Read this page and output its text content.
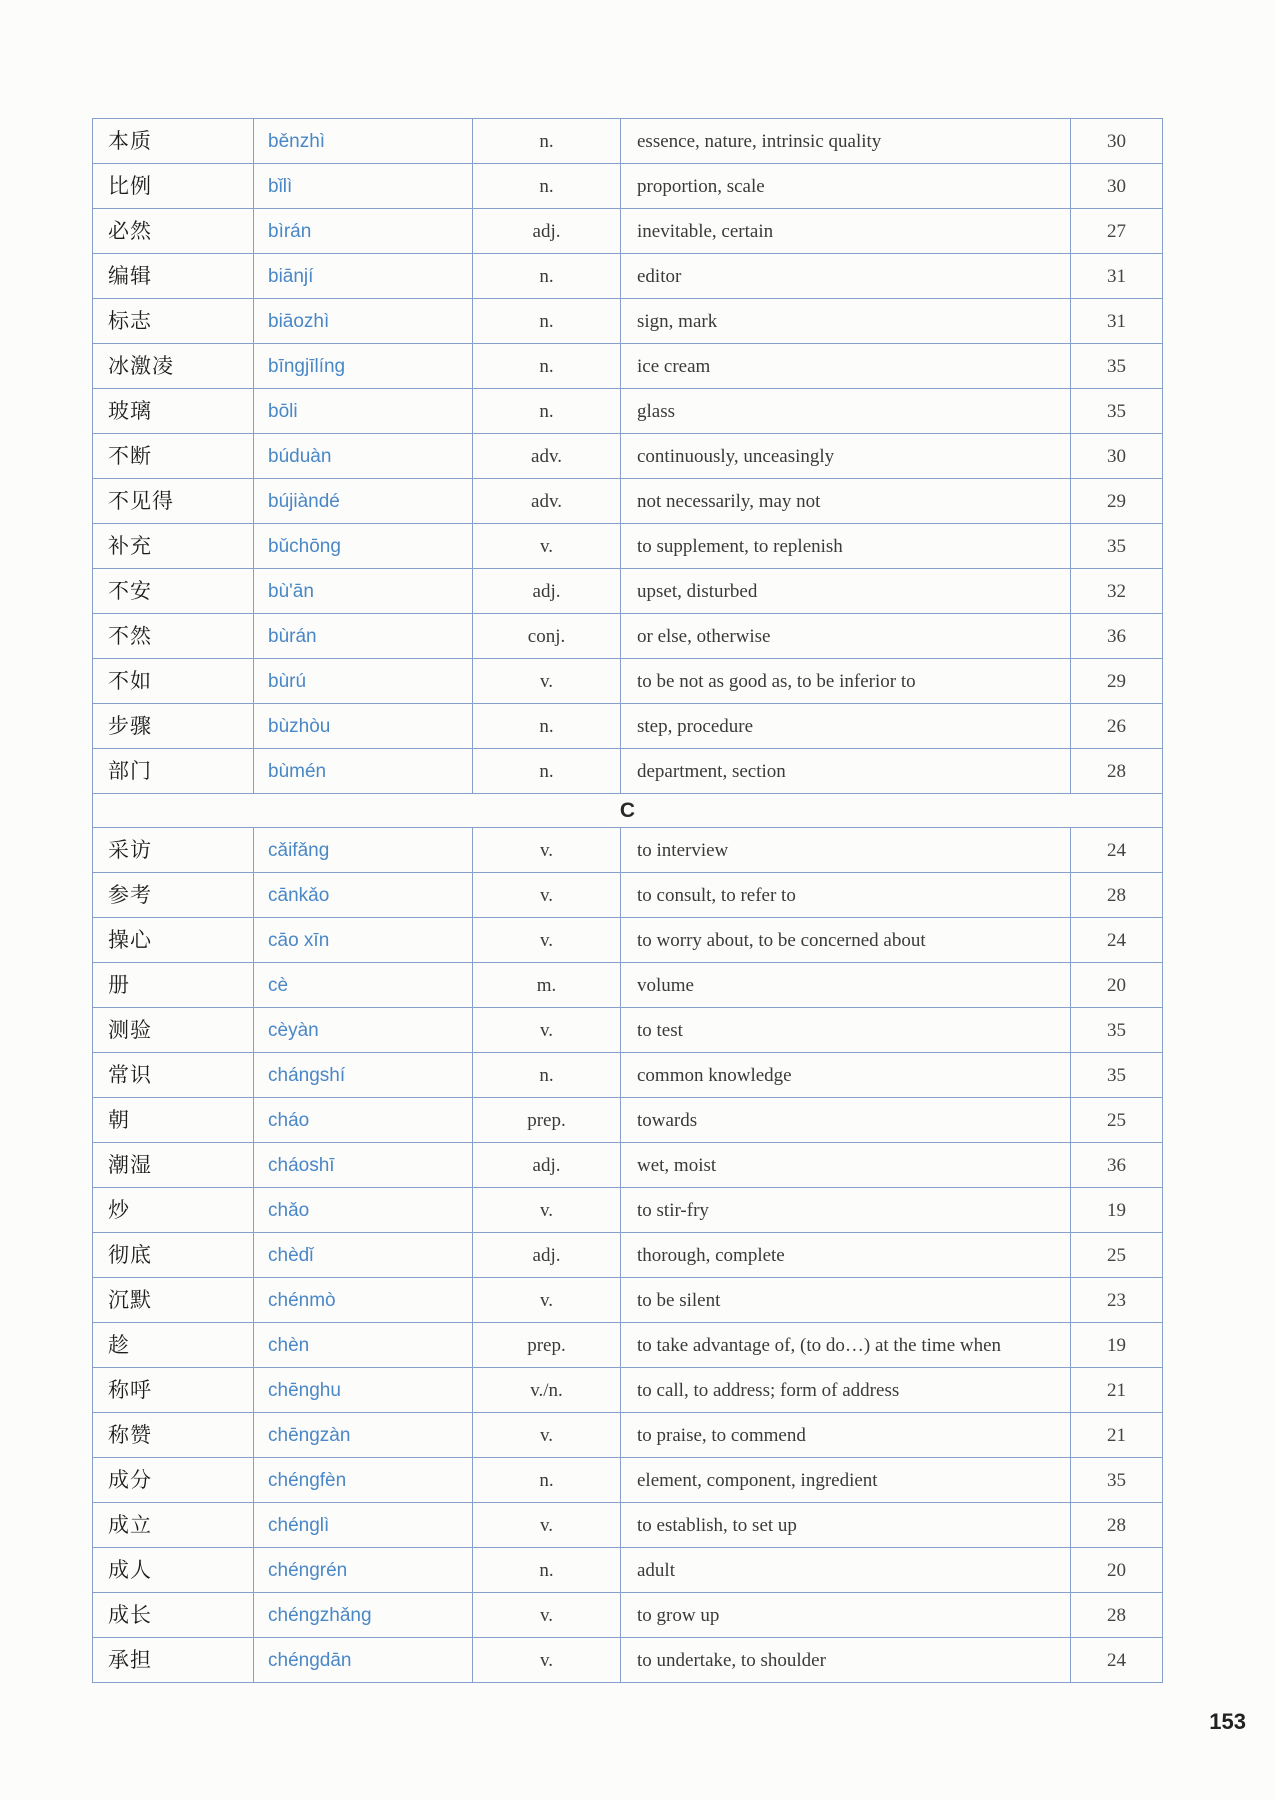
本质	běnzhì	n.	essence, nature, intrinsic quality	30

比例	bǐlì	n.	proportion, scale	30

必然	bìrán	adj.	inevitable, certain	27

编辑	biānjí	n.	editor	31

标志	biāozhì	n.	sign, mark	31

冰激凌	bīngjīlíng	n.	ice cream	35

玻璃	bōli	n.	glass	35

不断	búduàn	adv.	continuously, unceasingly	30

不见得	bújiàndé	adv.	not necessarily, may not	29

补充	bǔchōng	v.	to supplement, to replenish	35

不安	bù'ān	adj.	upset, disturbed	32

不然	bùrán	conj.	or else, otherwise	36

不如	bùrú	v.	to be not as good as, to be inferior to	29

步骤	bùzhòu	n.	step, procedure	26

部门	bùmén	n.	department, section	28

C				

采访	cǎifǎng	v.	to interview	24

参考	cānkǎo	v.	to consult, to refer to	28

操心	cāo xīn	v.	to worry about, to be concerned about	24

册	cè	m.	volume	20

测验	cèyàn	v.	to test	35

常识	chángshí	n.	common knowledge	35

朝	cháo	prep.	towards	25

潮湿	cháoshī	adj.	wet, moist	36

炒	chǎo	v.	to stir-fry	19

彻底	chèdǐ	adj.	thorough, complete	25

沉默	chénmò	v.	to be silent	23

趁	chèn	prep.	to take advantage of, (to do…) at the time when	19

称呼	chēnghu	v./n.	to call, to address; form of address	21

称赞	chēngzàn	v.	to praise, to commend	21

成分	chéngfèn	n.	element, component, ingredient	35

成立	chénglì	v.	to establish, to set up	28

成人	chéngrén	n.	adult	20

成长	chéngzhǎng	v.	to grow up	28

承担	chéngdān	v.	to undertake, to shoulder	24
153
